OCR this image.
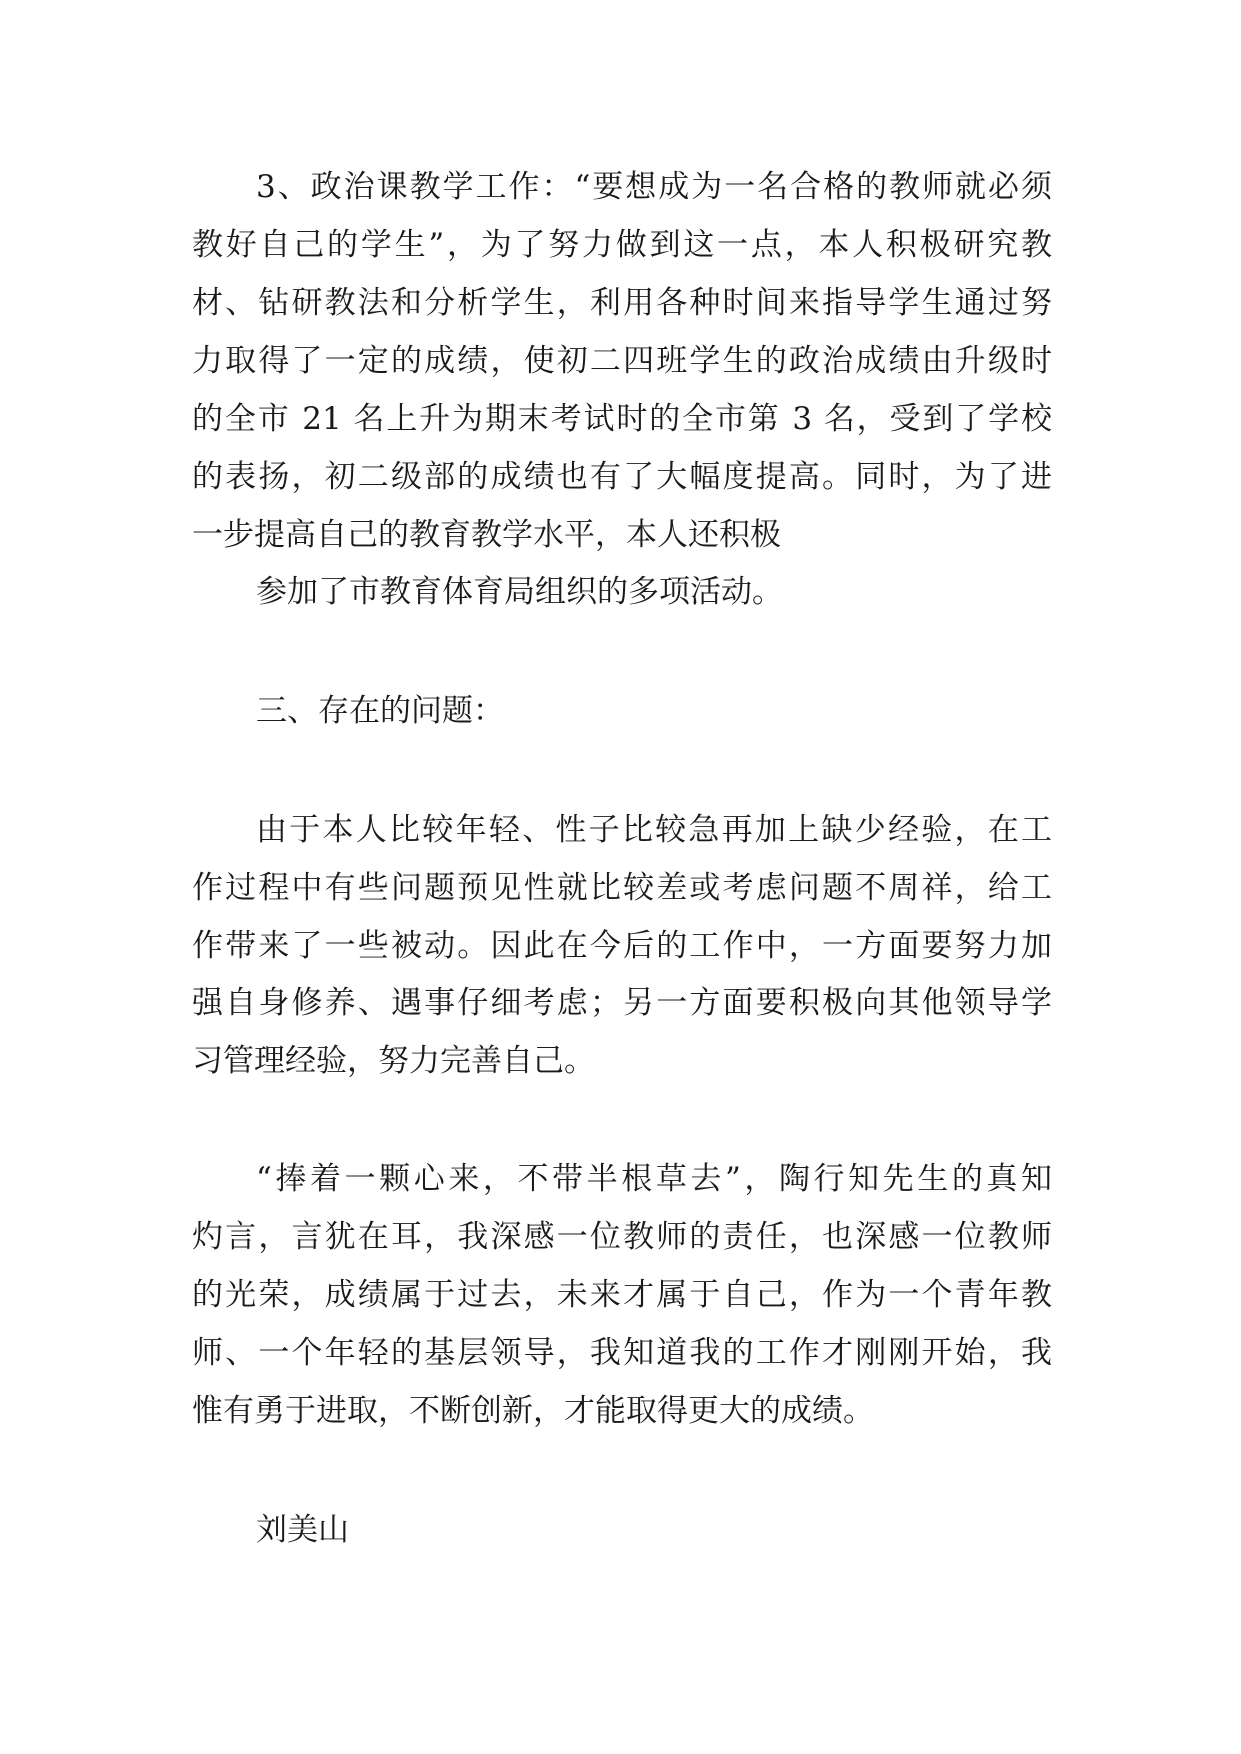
3、政治课教学工作：“要想成为一名合格的教师就必须
教好自己的学生”，为了努力做到这一点，本人积极研究教
材、钻研教法和分析学生，利用各种时间来指导学生通过努
力取得了一定的成绩，使初二四班学生的政治成绩由升级时
的全市 21 名上升为期末考试时的全市第 3 名，受到了学校
的表扬，初二级部的成绩也有了大幅度提高。同时，为了进
一步提高自己的教育教学水平，本人还积极
参加了市教育体育局组织的多项活动。
三、存在的问题：
由于本人比较年轻、性子比较急再加上缺少经验，在工
作过程中有些问题预见性就比较差或考虑问题不周祥，给工
作带来了一些被动。因此在今后的工作中，一方面要努力加
强自身修养、遇事仔细考虑；另一方面要积极向其他领导学
习管理经验，努力完善自己。
“捧着一颗心来，不带半根草去”，陶行知先生的真知
灼言，言犹在耳，我深感一位教师的责任，也深感一位教师
的光荣，成绩属于过去，未来才属于自己，作为一个青年教
师、一个年轻的基层领导，我知道我的工作才刚刚开始，我
惟有勇于进取，不断创新，才能取得更大的成绩。
刘美山
